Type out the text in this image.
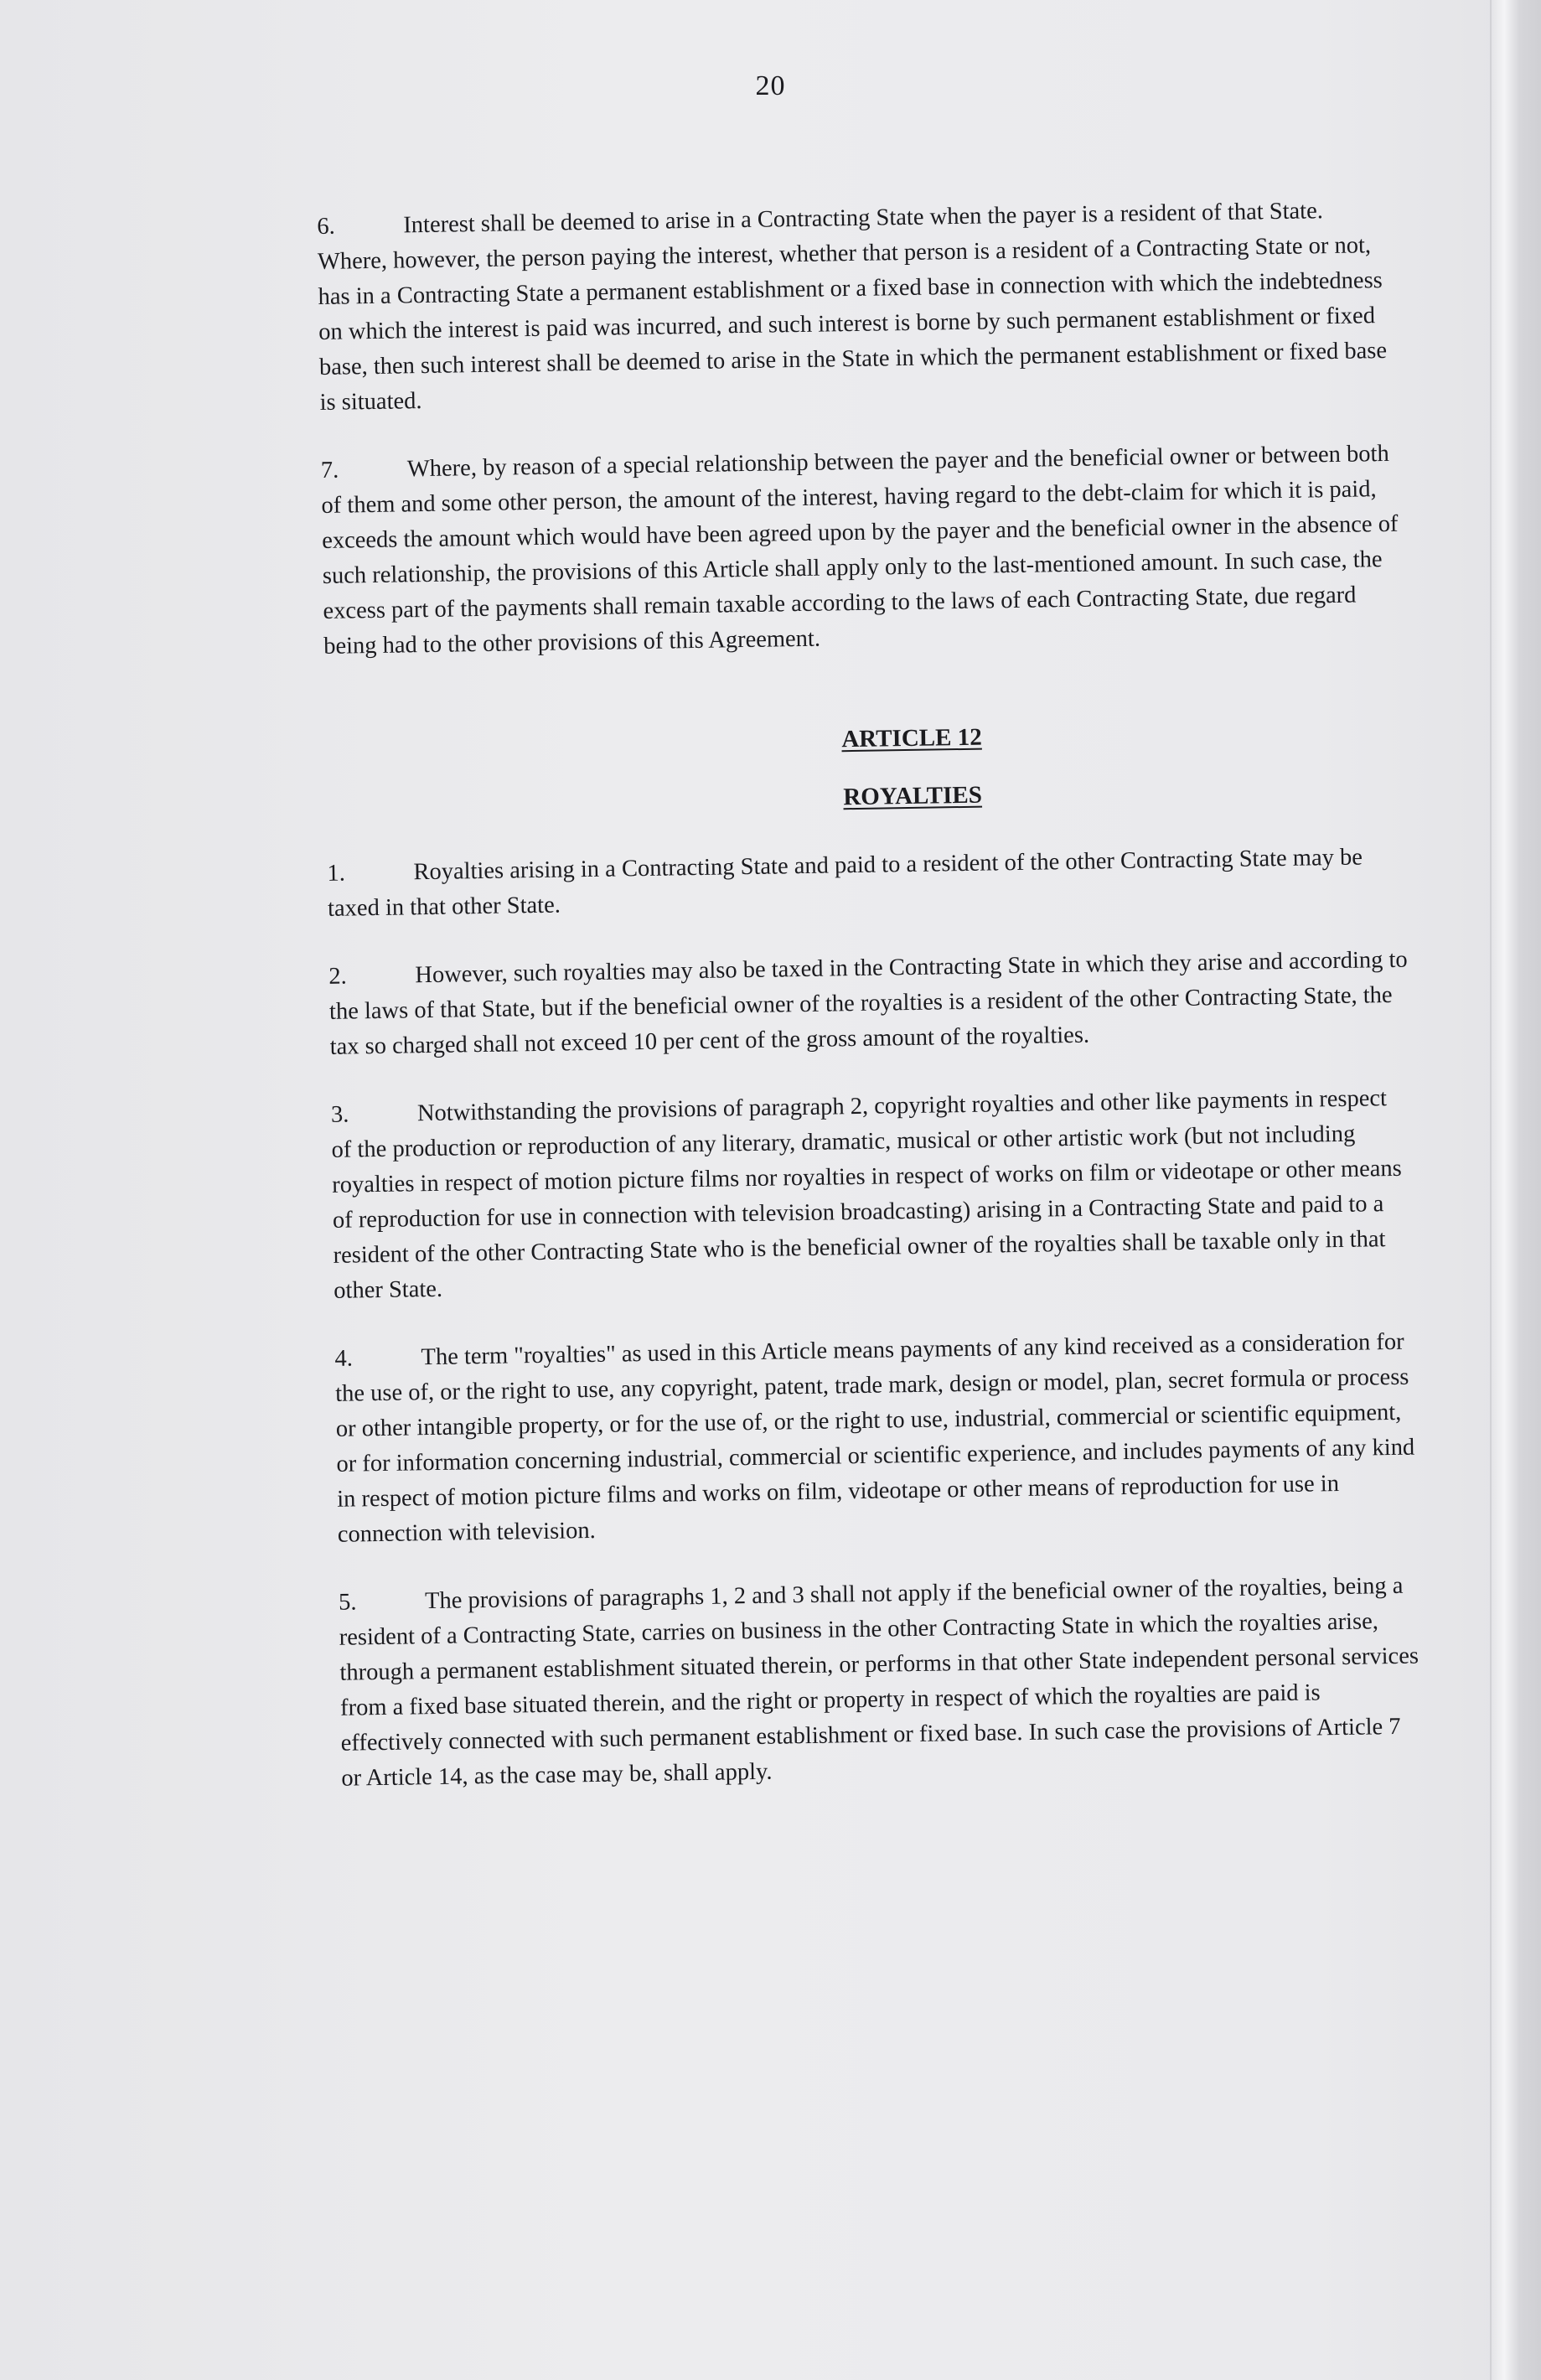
20

6.	Interest shall be deemed to arise in a Contracting State when the payer is a resident of that State. Where, however, the person paying the interest, whether that person is a resident of a Contracting State or not, has in a Contracting State a permanent establishment or a fixed base in connection with which the indebtedness on which the interest is paid was incurred, and such interest is borne by such permanent establishment or fixed base, then such interest shall be deemed to arise in the State in which the permanent establishment or fixed base is situated.

7.	Where, by reason of a special relationship between the payer and the beneficial owner or between both of them and some other person, the amount of the interest, having regard to the debt-claim for which it is paid, exceeds the amount which would have been agreed upon by the payer and the beneficial owner in the absence of such relationship, the provisions of this Article shall apply only to the last-mentioned amount. In such case, the excess part of the payments shall remain taxable according to the laws of each Contracting State, due regard being had to the other provisions of this Agreement.

ARTICLE 12
ROYALTIES

1.	Royalties arising in a Contracting State and paid to a resident of the other Contracting State may be taxed in that other State.

2.	However, such royalties may also be taxed in the Contracting State in which they arise and according to the laws of that State, but if the beneficial owner of the royalties is a resident of the other Contracting State, the tax so charged shall not exceed 10 per cent of the gross amount of the royalties.

3.	Notwithstanding the provisions of paragraph 2, copyright royalties and other like payments in respect of the production or reproduction of any literary, dramatic, musical or other artistic work (but not including royalties in respect of motion picture films nor royalties in respect of works on film or videotape or other means of reproduction for use in connection with television broadcasting) arising in a Contracting State and paid to a resident of the other Contracting State who is the beneficial owner of the royalties shall be taxable only in that other State.

4.	The term "royalties" as used in this Article means payments of any kind received as a consideration for the use of, or the right to use, any copyright, patent, trade mark, design or model, plan, secret formula or process or other intangible property, or for the use of, or the right to use, industrial, commercial or scientific equipment, or for information concerning industrial, commercial or scientific experience, and includes payments of any kind in respect of motion picture films and works on film, videotape or other means of reproduction for use in connection with television.

5.	The provisions of paragraphs 1, 2 and 3 shall not apply if the beneficial owner of the royalties, being a resident of a Contracting State, carries on business in the other Contracting State in which the royalties arise, through a permanent establishment situated therein, or performs in that other State independent personal services from a fixed base situated therein, and the right or property in respect of which the royalties are paid is effectively connected with such permanent establishment or fixed base. In such case the provisions of Article 7 or Article 14, as the case may be, shall apply.
